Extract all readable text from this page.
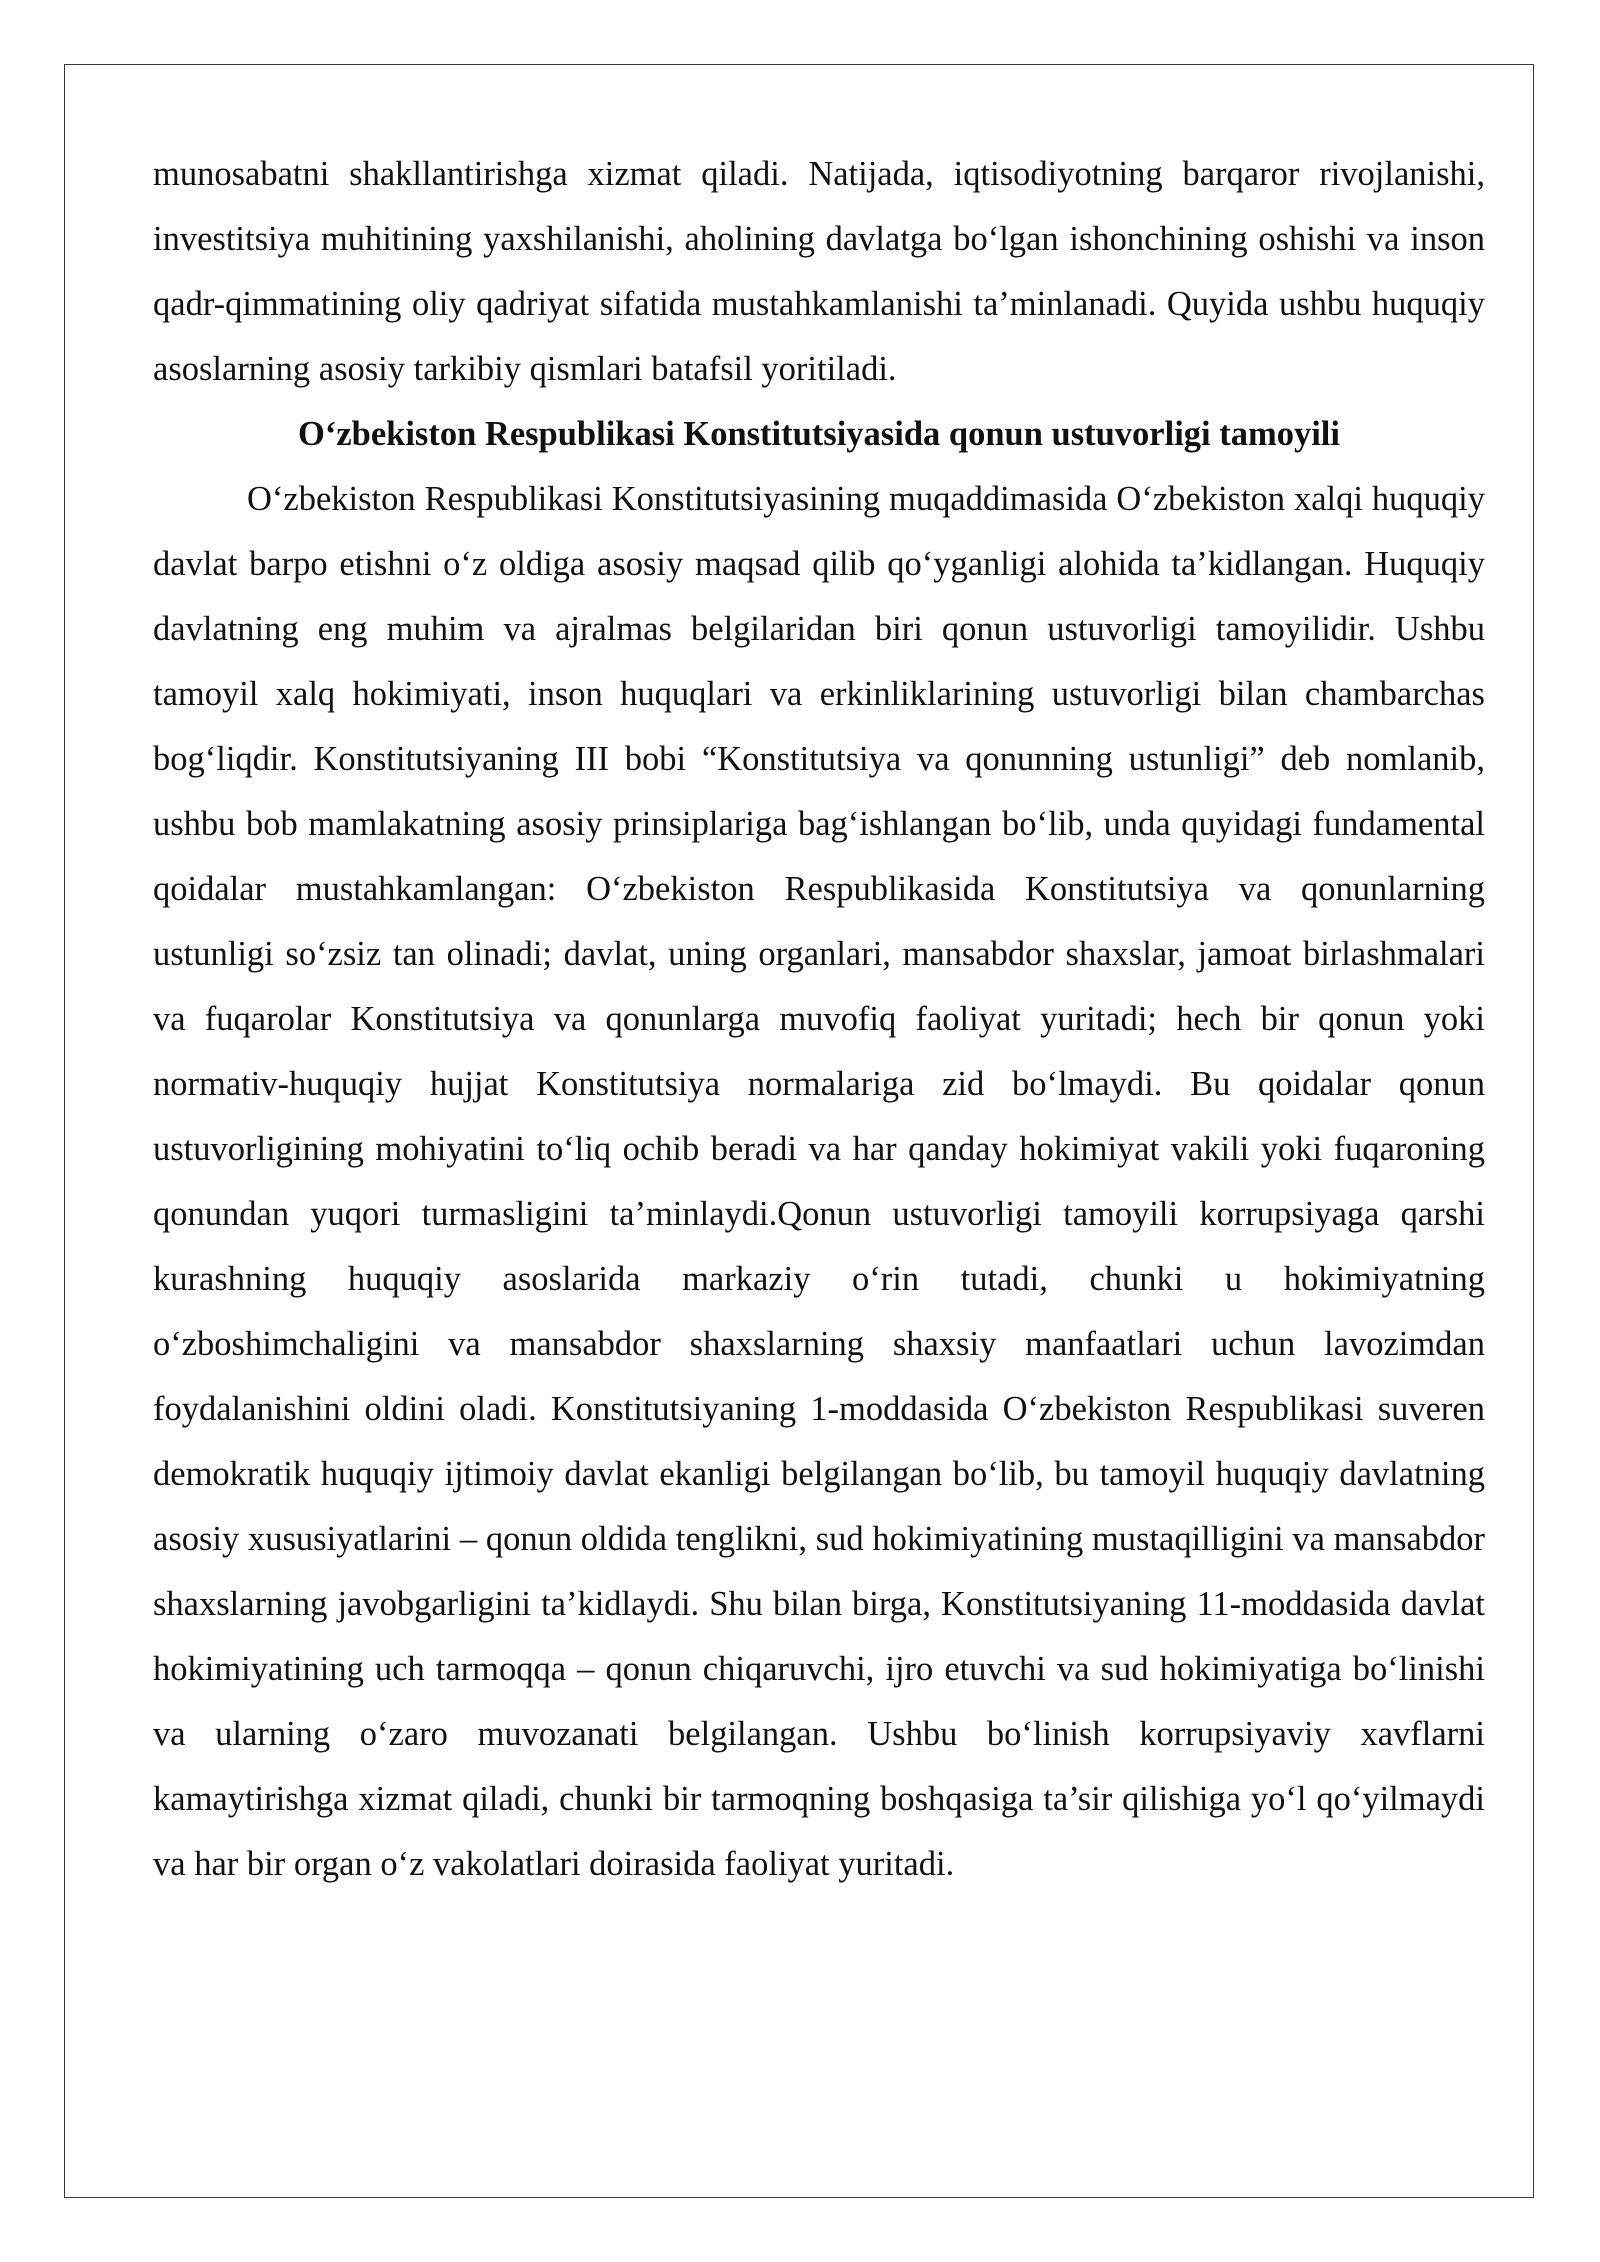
munosabatni shakllantirishga xizmat qiladi. Natijada, iqtisodiyotning barqaror rivojlanishi, investitsiya muhitining yaxshilanishi, aholining davlatga bo‘lgan ishonchining oshishi va inson qadr-qimmatining oliy qadriyat sifatida mustahkamlanishi ta’minlanadi. Quyida ushbu huquqiy asoslarning asosiy tarkibiy qismlari batafsil yoritiladi.

O‘zbekiston Respublikasi Konstitutsiyasida qonun ustuvorligi tamoyili

O‘zbekiston Respublikasi Konstitutsiyasining muqaddimasida O‘zbekiston xalqi huquqiy davlat barpo etishni o‘z oldiga asosiy maqsad qilib qo‘yganligi alohida ta’kidlangan. Huquqiy davlatning eng muhim va ajralmas belgilaridan biri qonun ustuvorligi tamoyilidir. Ushbu tamoyil xalq hokimiyati, inson huquqlari va erkinliklarining ustuvorligi bilan chambarchas bog‘liqdir. Konstitutsiyaning III bobi “Konstitutsiya va qonunning ustunligi” deb nomlanib, ushbu bob mamlakatning asosiy prinsiplariga bag‘ishlangan bo‘lib, unda quyidagi fundamental qoidalar mustahkamlangan: O‘zbekiston Respublikasida Konstitutsiya va qonunlarning ustunligi so‘zsiz tan olinadi; davlat, uning organlari, mansabdor shaxslar, jamoat birlashmalari va fuqarolar Konstitutsiya va qonunlarga muvofiq faoliyat yuritadi; hech bir qonun yoki normativ-huquqiy hujjat Konstitutsiya normalariga zid bo‘lmaydi. Bu qoidalar qonun ustuvorligining mohiyatini to‘liq ochib beradi va har qanday hokimiyat vakili yoki fuqaroning qonundan yuqori turmasligini ta’minlaydi.Qonun ustuvorligi tamoyili korrupsiyaga qarshi kurashning huquqiy asoslarida markaziy o‘rin tutadi, chunki u hokimiyatning o‘zboshimchaligini va mansabdor shaxslarning shaxsiy manfaatlari uchun lavozimdan foydalanishini oldini oladi. Konstitutsiyaning 1-moddasida O‘zbekiston Respublikasi suveren demokratik huquqiy ijtimoiy davlat ekanligi belgilangan bo‘lib, bu tamoyil huquqiy davlatning asosiy xususiyatlarini – qonun oldida tenglikni, sud hokimiyatining mustaqilligini va mansabdor shaxslarning javobgarligini ta’kidlaydi. Shu bilan birga, Konstitutsiyaning 11-moddasida davlat hokimiyatining uch tarmoqqa – qonun chiqaruvchi, ijro etuvchi va sud hokimiyatiga bo‘linishi va ularning o‘zaro muvozanati belgilangan. Ushbu bo‘linish korrupsiyaviy xavflarni kamaytirishga xizmat qiladi, chunki bir tarmoqning boshqasiga ta’sir qilishiga yo‘l qo‘yilmaydi va har bir organ o‘z vakolatlari doirasida faoliyat yuritadi.
